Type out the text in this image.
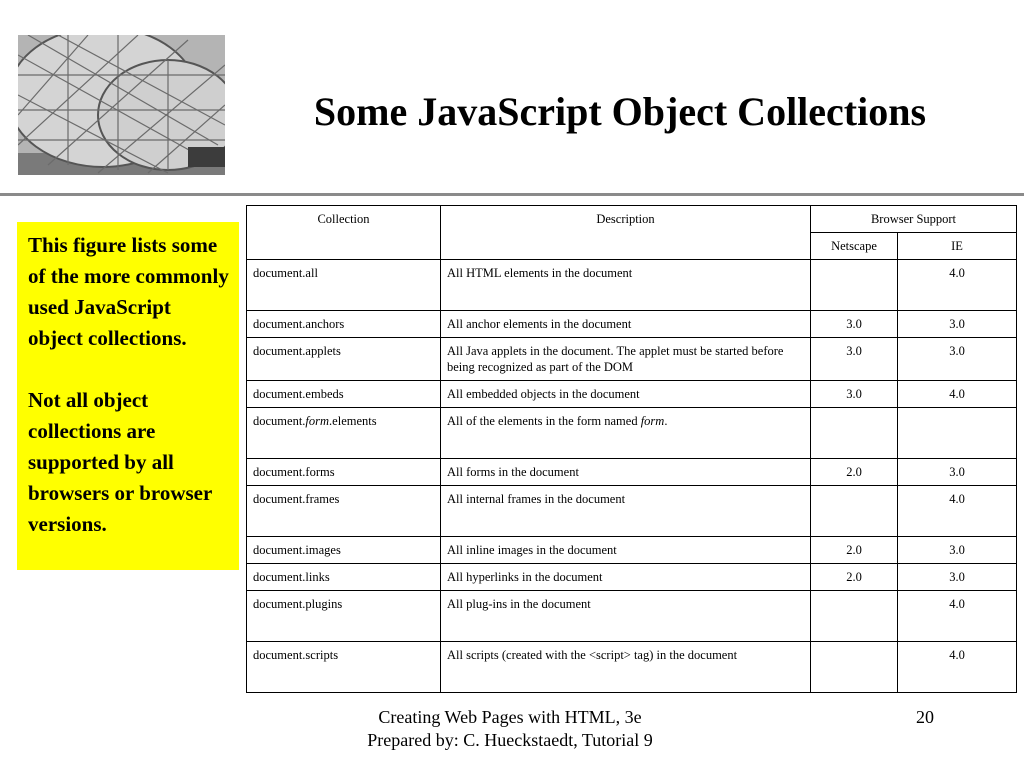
Some JavaScript Object Collections

This figure lists some of the more commonly used JavaScript object collections.

Not all object collections are supported by all browsers or browser versions.

Collection	Description	Browser Support	
		Netscape	IE
document.all	All HTML elements in the document		4.0
document.anchors	All anchor elements in the document	3.0	3.0
document.applets	All Java applets in the document. The applet must be started before being recognized as part of the DOM	3.0	3.0
document.embeds	All embedded objects in the document	3.0	4.0
document.form.elements	All of the elements in the form named form.		
document.forms	All forms in the document	2.0	3.0
document.frames	All internal frames in the document		4.0
document.images	All inline images in the document	2.0	3.0
document.links	All hyperlinks in the document	2.0	3.0
document.plugins	All plug-ins in the document		4.0
document.scripts	All scripts (created with the <script> tag) in the document		4.0
Creating Web Pages with HTML, 3e
Prepared by: C. Hueckstaedt, Tutorial 9
20
